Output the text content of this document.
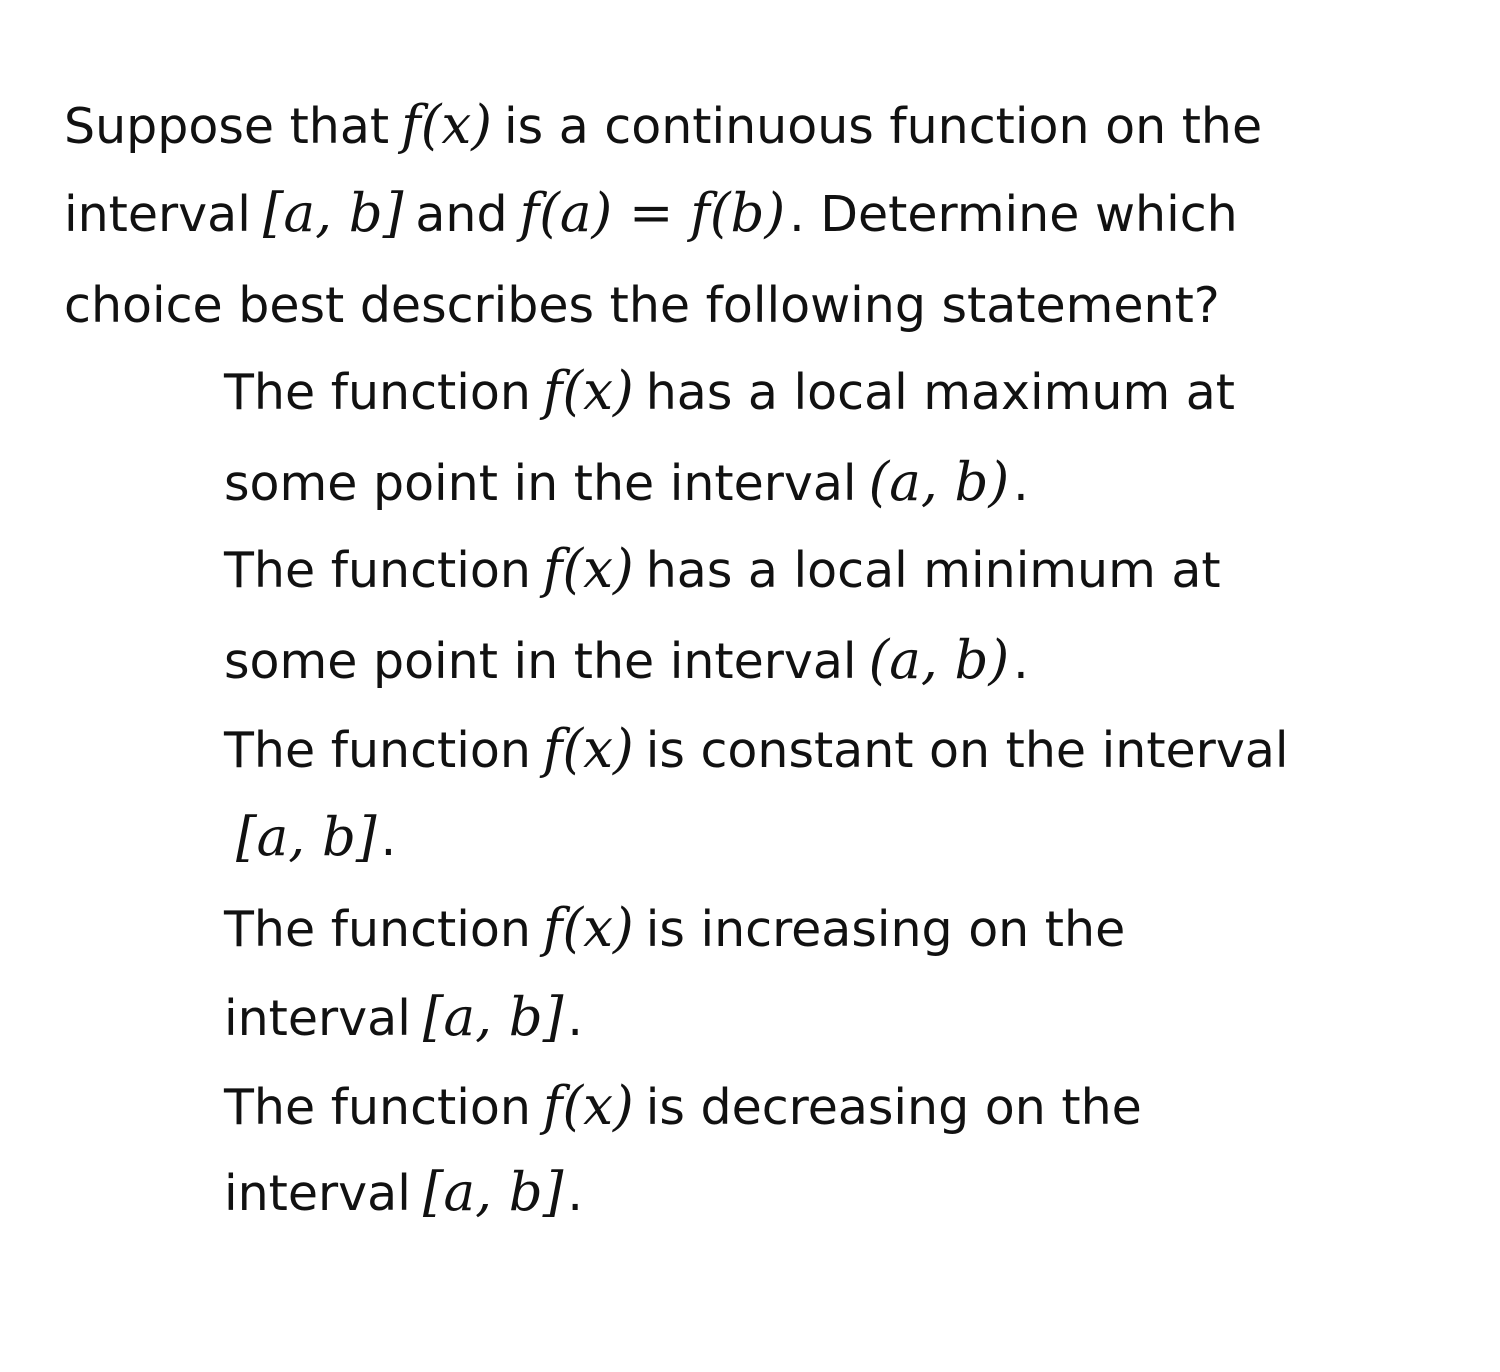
Suppose that f(x) is a continuous function on the
interval [a, b] and f(a) = f(b). Determine which
choice best describes the following statement?
The function f(x) has a local maximum at
some point in the interval (a, b).
The function f(x) has a local minimum at
some point in the interval (a, b).
The function f(x) is constant on the interval
[a, b].
The function f(x) is increasing on the
interval [a, b].
The function f(x) is decreasing on the
interval [a, b].
